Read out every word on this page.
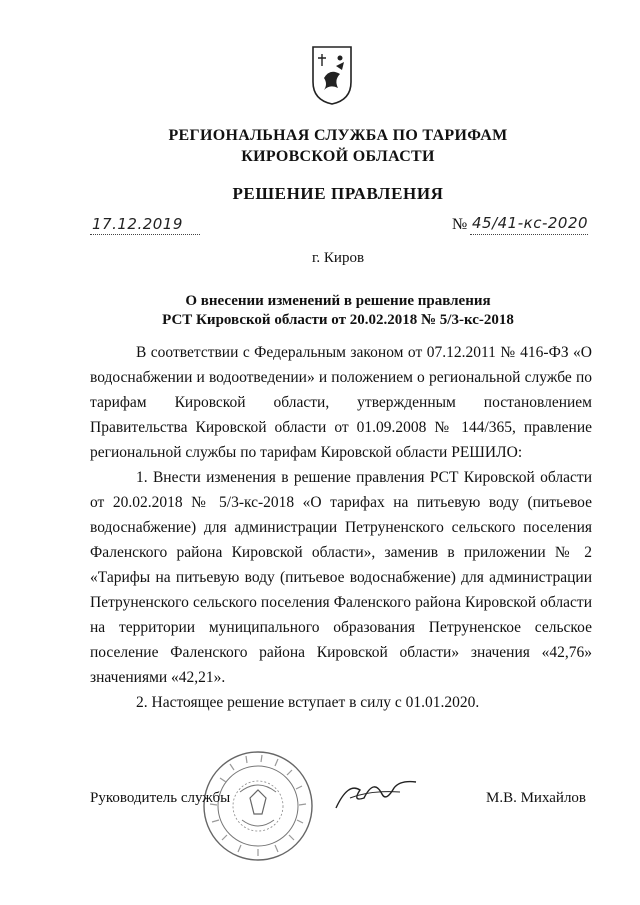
РЕГИОНАЛЬНАЯ СЛУЖБА ПО ТАРИФАМ
КИРОВСКОЙ ОБЛАСТИ
РЕШЕНИЕ ПРАВЛЕНИЯ
17.12.2019	№ 45/41-кс-2020
г. Киров
О внесении изменений в решение правления
РСТ Кировской области от 20.02.2018 № 5/3-кс-2018

В соответствии с Федеральным законом от 07.12.2011 № 416-ФЗ «О водоснабжении и водоотведении» и положением о региональной службе по тарифам Кировской области, утвержденным постановлением Правительства Кировской области от 01.09.2008 № 144/365, правление региональной службы по тарифам Кировской области РЕШИЛО:

1. Внести изменения в решение правления РСТ Кировской области от 20.02.2018 № 5/3-кс-2018 «О тарифах на питьевую воду (питьевое водоснабжение) для администрации Петруненского сельского поселения Фаленского района Кировской области», заменив в приложении № 2 «Тарифы на питьевую воду (питьевое водоснабжение) для администрации Петруненского сельского поселения Фаленского района Кировской области на территории муниципального образования Петруненское сельское поселение Фаленского района Кировской области» значения «42,76» значениями «42,21».

2. Настоящее решение вступает в силу с 01.01.2020.

Руководитель службы	М.В. Михайлов
